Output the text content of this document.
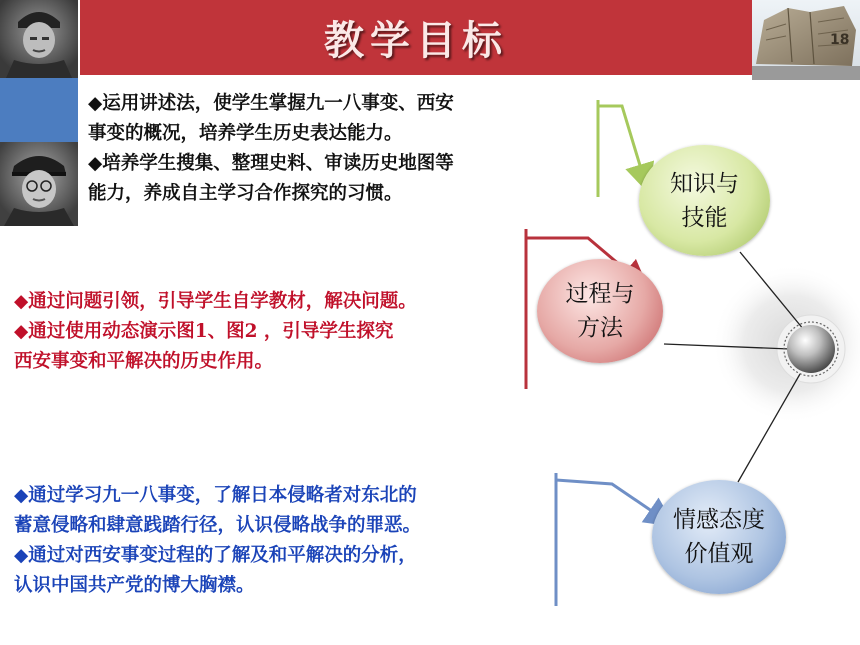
教学目标	18
◆运用讲述法，使学生掌握九一八事变、西安
事变的概况，培养学生历史表达能力。
◆培养学生搜集、整理史料、审读历史地图等
能力，养成自主学习合作探究的习惯。
◆通过问题引领，引导学生自学教材，解决问题。
◆通过使用动态演示图1、图2 ，引导学生探究
西安事变和平解决的历史作用。
◆通过学习九一八事变，了解日本侵略者对东北的
蓄意侵略和肆意践踏行径，认识侵略战争的罪恶。
◆通过对西安事变过程的了解及和平解决的分析，
认识中国共产党的博大胸襟。
知识与
技能
过程与
方法
情感态度
价值观
